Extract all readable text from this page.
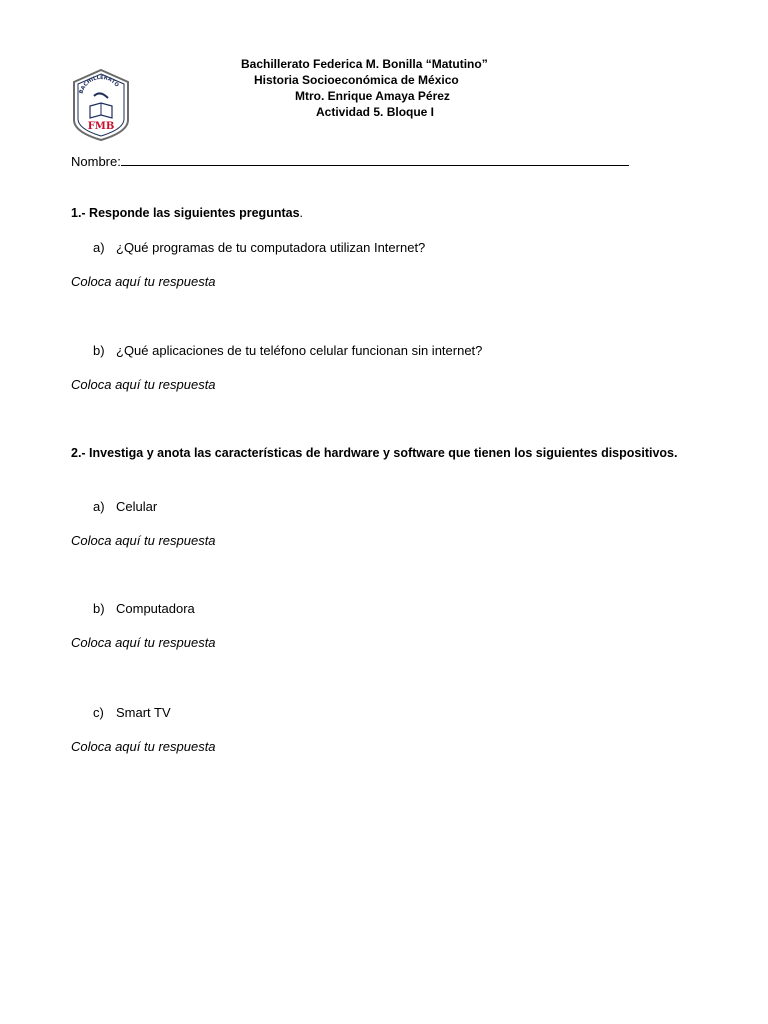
BACHILLERATO
FMB
Bachillerato Federica M. Bonilla “Matutino”
Historia Socioeconómica de México
Mtro. Enrique Amaya Pérez
Actividad 5. Bloque I
Nombre:
1.- Responde las siguientes preguntas.
a) ¿Qué programas de tu computadora utilizan Internet?
Coloca aquí tu respuesta
b) ¿Qué aplicaciones de tu teléfono celular funcionan sin internet?
Coloca aquí tu respuesta
2.- Investiga y anota las características de hardware y software que tienen los siguientes dispositivos.
a) Celular
Coloca aquí tu respuesta
b) Computadora
Coloca aquí tu respuesta
c) Smart TV
Coloca aquí tu respuesta
